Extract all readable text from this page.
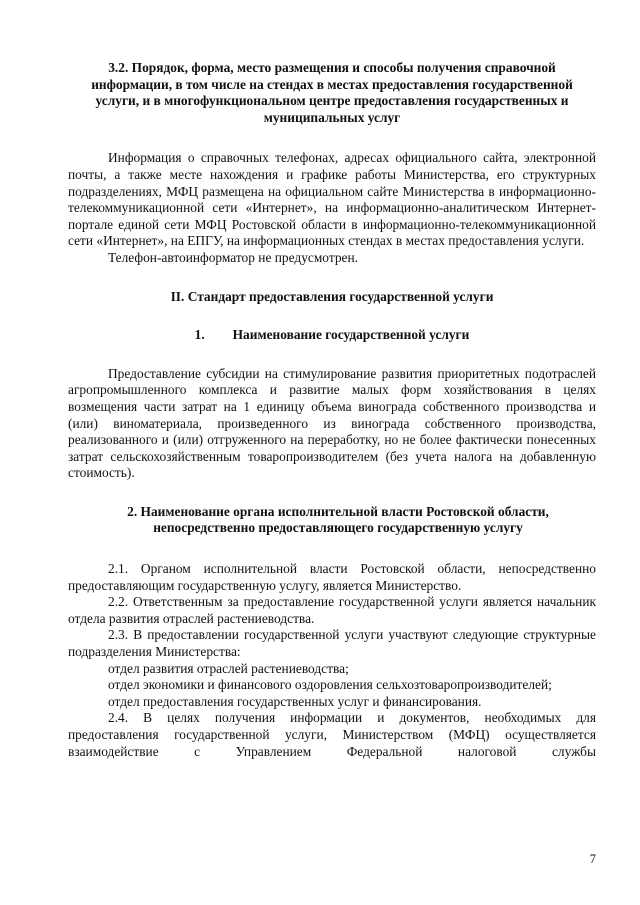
3.2. Порядок, форма, место размещения и способы получения справочной информации, в том числе на стендах в местах предоставления государственной услуги, и в многофункциональном центре предоставления государственных и муниципальных услуг

Информация о справочных телефонах, адресах официального сайта, электронной почты, а также месте нахождения и графике работы Министерства, его структурных подразделениях, МФЦ размещена на официальном сайте Министерства в информационно-телекоммуникационной сети «Интернет», на информационно-аналитическом Интернет-портале единой сети МФЦ Ростовской области в информационно-телекоммуникационной сети «Интернет», на ЕПГУ, на информационных стендах в местах предоставления услуги.

Телефон-автоинформатор не предусмотрен.

II. Стандарт предоставления государственной услуги

1. Наименование государственной услуги

Предоставление субсидии на стимулирование развития приоритетных подотраслей агропромышленного комплекса и развитие малых форм хозяйствования в целях возмещения части затрат на 1 единицу объема винограда собственного производства и (или) виноматериала, произведенного из винограда собственного производства, реализованного и (или) отгруженного на переработку, но не более фактически понесенных затрат сельскохозяйственным товаропроизводителем (без учета налога на добавленную стоимость).

2. Наименование органа исполнительной власти Ростовской области, непосредственно предоставляющего государственную услугу

2.1. Органом исполнительной власти Ростовской области, непосредственно предоставляющим государственную услугу, является Министерство.

2.2. Ответственным за предоставление государственной услуги является начальник отдела развития отраслей растениеводства.

2.3. В предоставлении государственной услуги участвуют следующие структурные подразделения Министерства:

отдел развития отраслей растениеводства;

отдел экономики и финансового оздоровления сельхозтоваропроизводителей;

отдел предоставления государственных услуг и финансирования.

2.4. В целях получения информации и документов, необходимых для предоставления государственной услуги, Министерством (МФЦ) осуществляется взаимодействие с Управлением Федеральной налоговой службы

7
